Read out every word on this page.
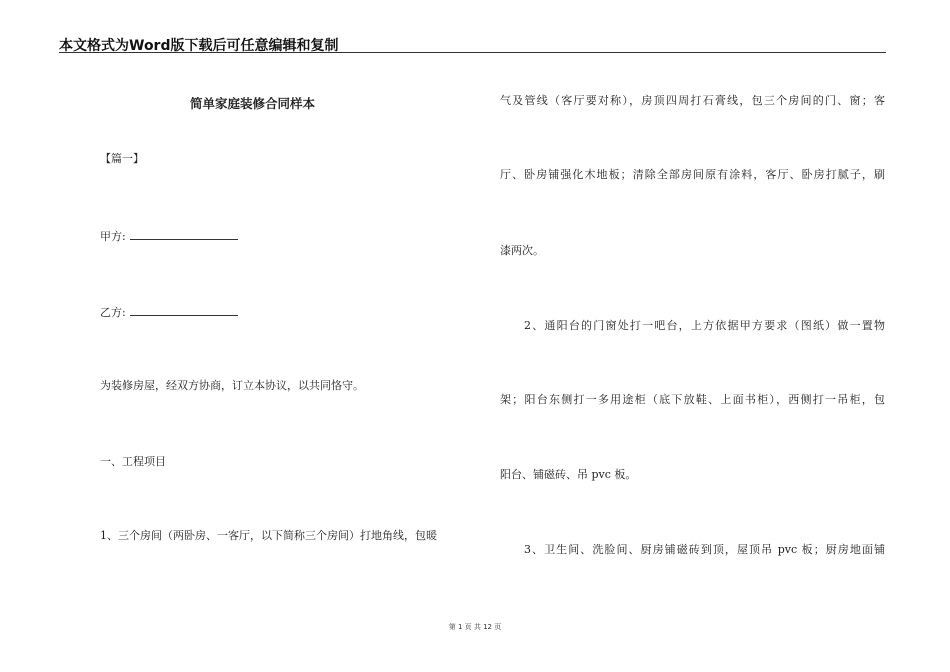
本文格式为Word版下载后可任意编辑和复制
简单家庭装修合同样本
【篇一】
甲方:
乙方:
为装修房屋，经双方协商，订立本协议，以共同恪守。
一、工程项目
1、三个房间（两卧房、一客厅，以下简称三个房间）打地角线，包暖
气及管线（客厅要对称），房顶四周打石膏线，包三个房间的门、窗；客
厅、卧房铺强化木地板；清除全部房间原有涂料，客厅、卧房打腻子，刷
漆两次。
2、通阳台的门窗处打一吧台，上方依据甲方要求（图纸）做一置物
架；阳台东侧打一多用途柜（底下放鞋、上面书柜），西侧打一吊柜，包
阳台、铺磁砖、吊 pvc 板。
3、卫生间、洗脸间、厨房铺磁砖到顶，屋顶吊 pvc 板；厨房地面铺
第 1 页 共 12 页
